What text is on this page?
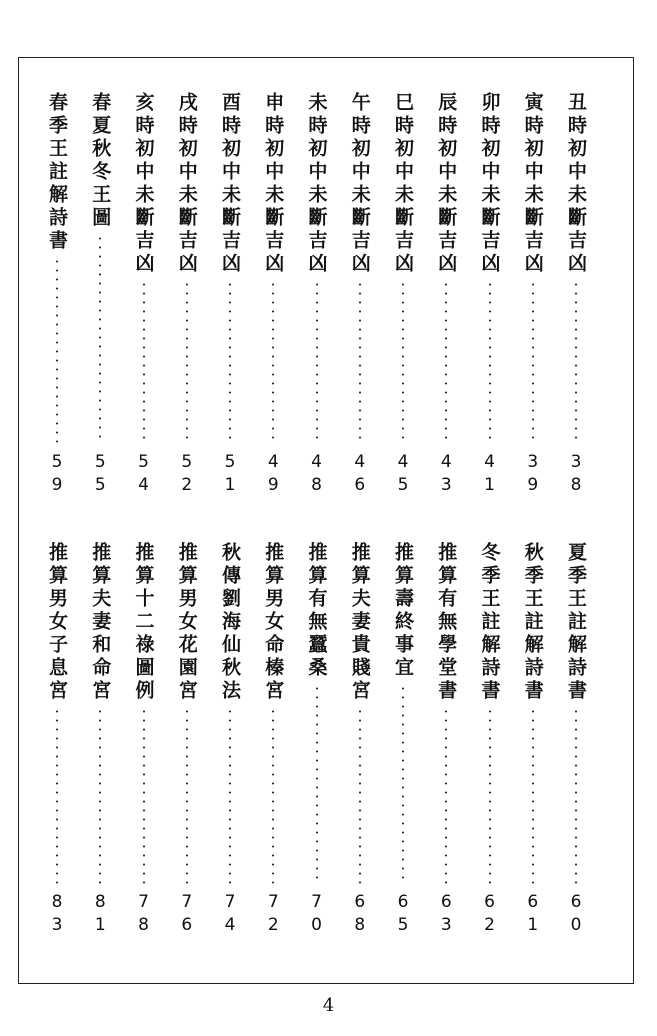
丑時初中未斷吉凶
38
寅時初中未斷吉凶
39
卯時初中未斷吉凶
41
辰時初中未斷吉凶
43
巳時初中未斷吉凶
45
午時初中未斷吉凶
46
未時初中未斷吉凶
48
申時初中未斷吉凶
49
酉時初中未斷吉凶
51
戌時初中未斷吉凶
52
亥時初中未斷吉凶
54
春夏秋冬王圖
55
春季王註解詩書
59
夏季王註解詩書
60
秋季王註解詩書
61
冬季王註解詩書
62
推算有無學堂書
63
推算壽終事宜
65
推算夫妻貴賤宮
68
推算有無蠶桑
70
推算男女命榛宮
72
秋傳劉海仙秋法
74
推算男女花園宮
76
推算十二祿圖例
78
推算夫妻和命宮
81
推算男女子息宮
83
4
